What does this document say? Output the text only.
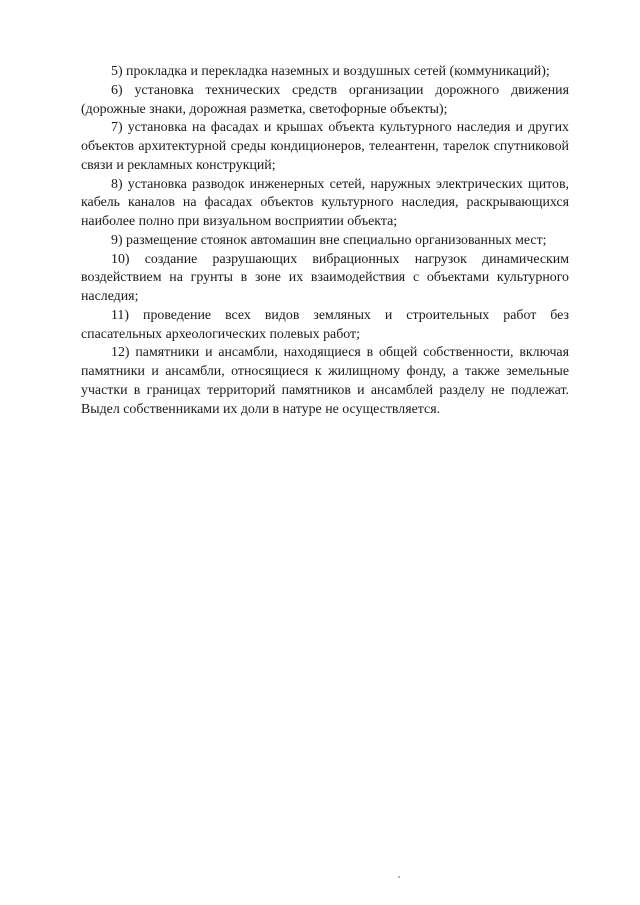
5) прокладка и перекладка наземных и воздушных сетей (коммуникаций);

6) установка технических средств организации дорожного движения (дорожные знаки, дорожная разметка, светофорные объекты);

7) установка на фасадах и крышах объекта культурного наследия и других объектов архитектурной среды кондиционеров, телеантенн, тарелок спутниковой связи и рекламных конструкций;

8) установка разводок инженерных сетей, наружных электрических щитов, кабель каналов на фасадах объектов культурного наследия, раскрывающихся наиболее полно при визуальном восприятии объекта;

9) размещение стоянок автомашин вне специально организованных мест;

10) создание разрушающих вибрационных нагрузок динамическим воздействием на грунты в зоне их взаимодействия с объектами культурного наследия;

11) проведение всех видов земляных и строительных работ без спасательных археологических полевых работ;

12) памятники и ансамбли, находящиеся в общей собственности, включая памятники и ансамбли, относящиеся к жилищному фонду, а также земельные участки в границах территорий памятников и ансамблей разделу не подлежат. Выдел собственниками их доли в натуре не осуществляется.
